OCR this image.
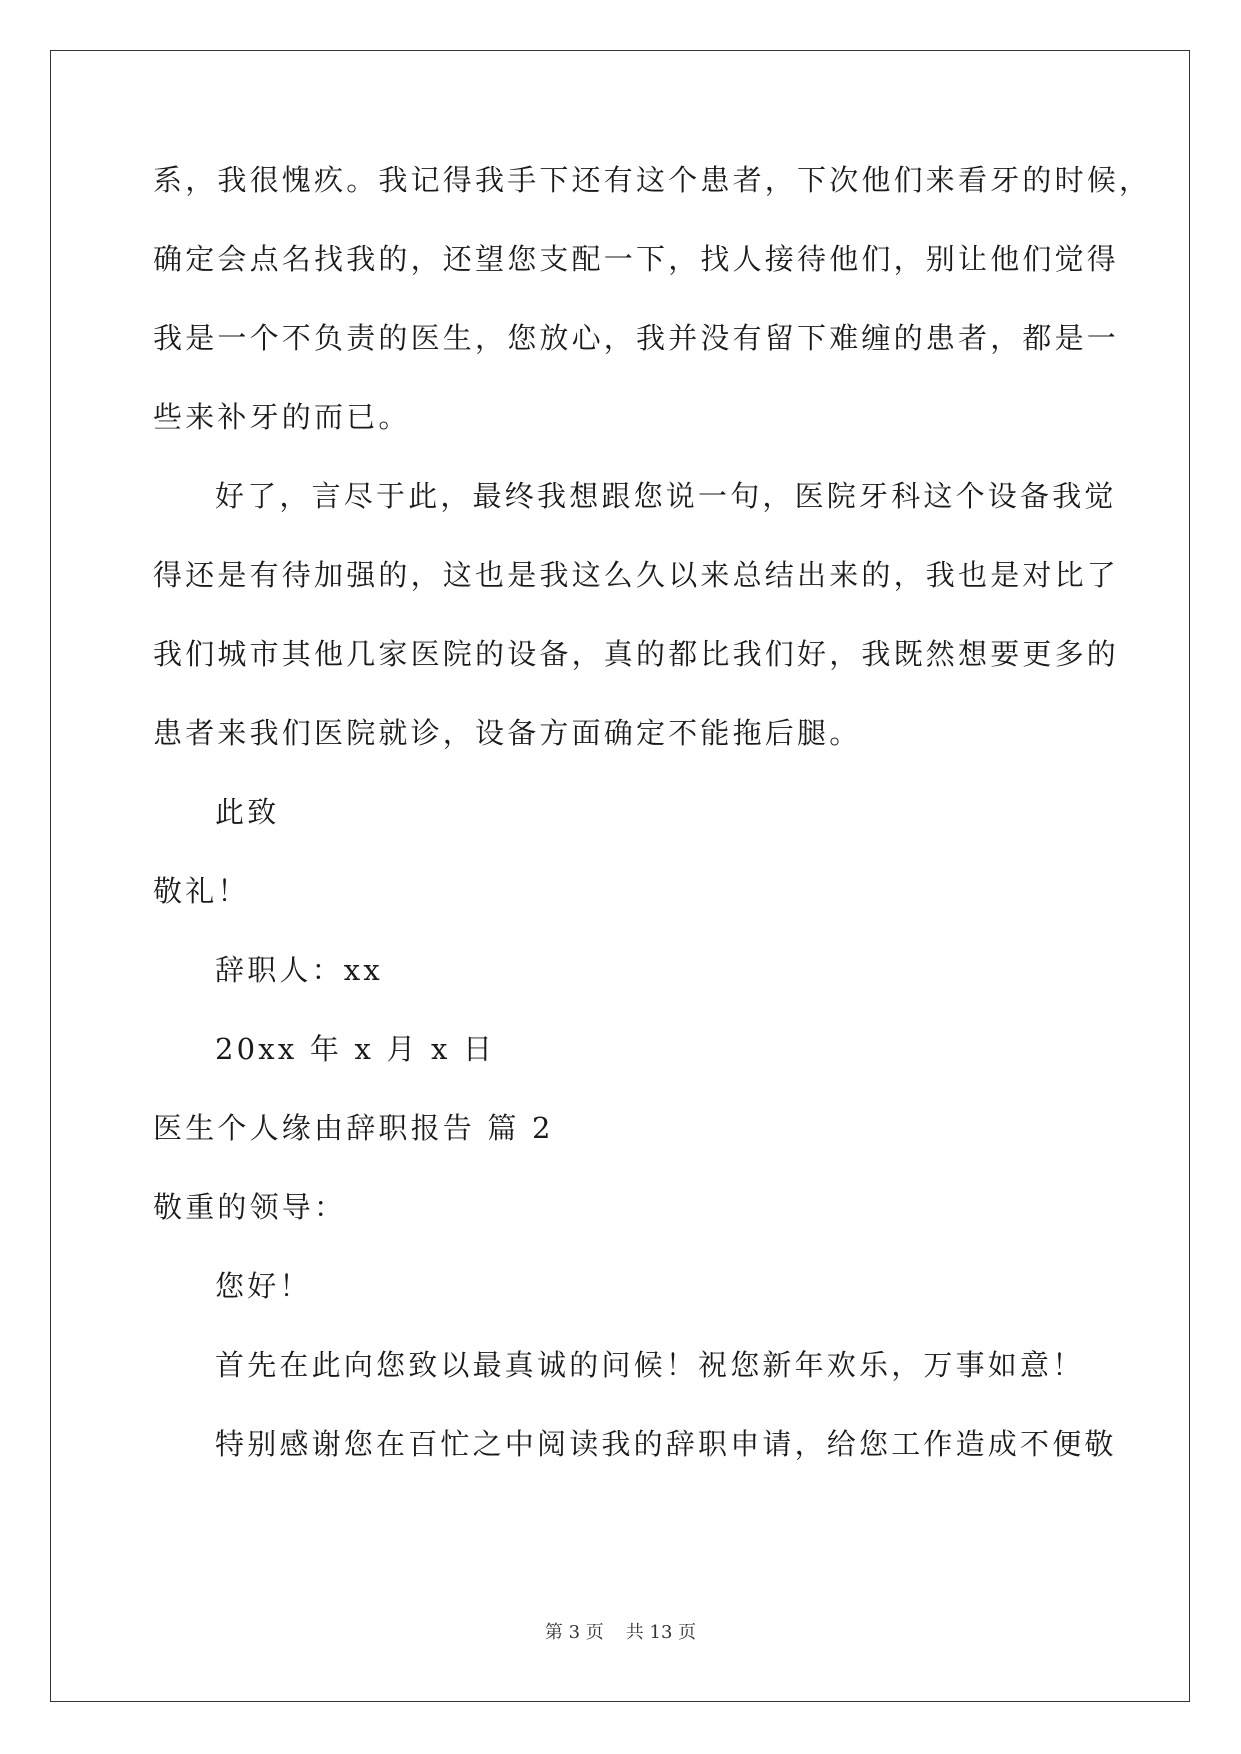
系，我很愧疚。我记得我手下还有这个患者，下次他们来看牙的时候，
确定会点名找我的，还望您支配一下，找人接待他们，别让他们觉得
我是一个不负责的医生，您放心，我并没有留下难缠的患者，都是一
些来补牙的而已。
好了，言尽于此，最终我想跟您说一句，医院牙科这个设备我觉
得还是有待加强的，这也是我这么久以来总结出来的，我也是对比了
我们城市其他几家医院的设备，真的都比我们好，我既然想要更多的
患者来我们医院就诊，设备方面确定不能拖后腿。
此致
敬礼！
辞职人：xx
20xx 年 x 月 x 日
医生个人缘由辞职报告 篇 2
敬重的领导：
您好！
首先在此向您致以最真诚的问候！祝您新年欢乐，万事如意！
特别感谢您在百忙之中阅读我的辞职申请，给您工作造成不便敬
第 3 页 共 13 页
